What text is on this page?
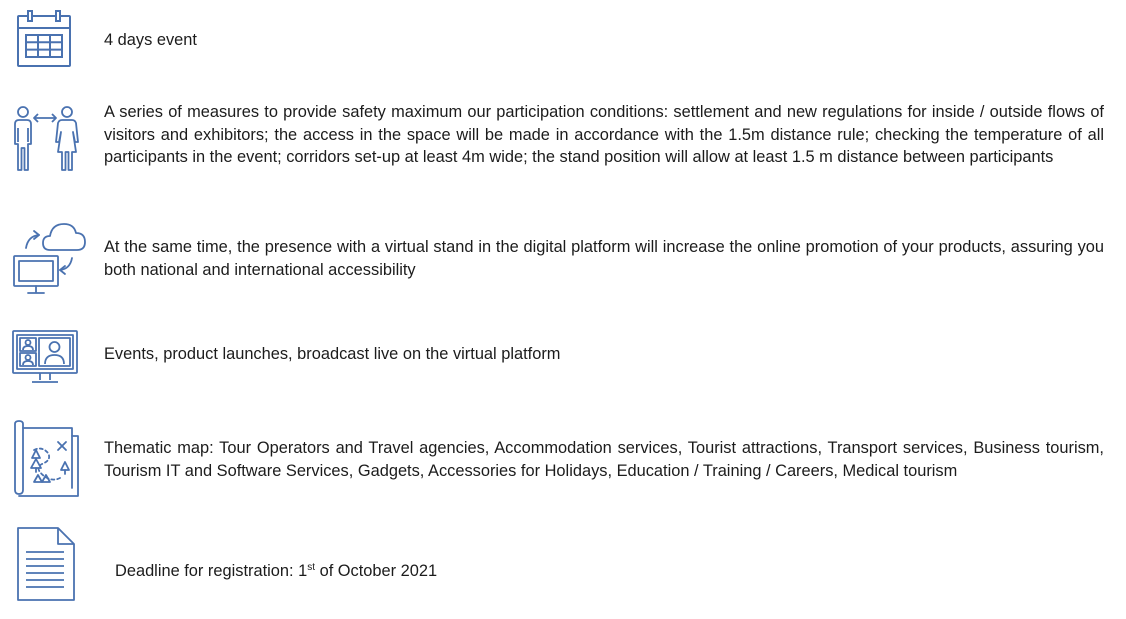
4 days event
A series of measures to provide safety maximum our participation conditions: settlement and new regulations for inside / outside flows of visitors and exhibitors; the access in the space will be made in accordance with the 1.5m distance rule; checking the temperature of all participants in the event; corridors set-up at least 4m wide; the stand position will allow at least 1.5 m distance between participants
At the same time, the presence with a virtual stand in the digital platform will increase the online promotion of your products, assuring you both national and international accessibility
Events, product launches, broadcast live on the virtual platform
Thematic map: Tour Operators and Travel agencies, Accommodation services, Tourist attractions, Transport services, Business tourism, Tourism IT and Software Services, Gadgets, Accessories for Holidays, Education / Training / Careers, Medical tourism
Deadline for registration: 1st of October 2021
